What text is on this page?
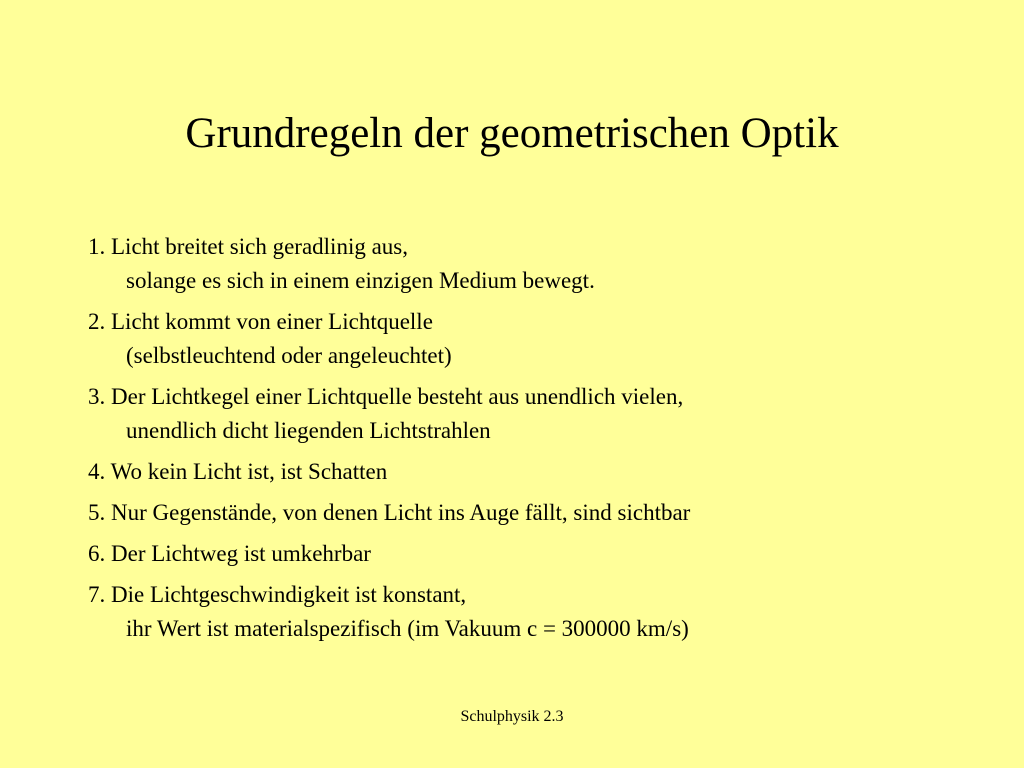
Grundregeln der geometrischen Optik
1. Licht breitet sich geradlinig aus,
solange es sich in einem einzigen Medium bewegt.
2. Licht kommt von einer Lichtquelle
(selbstleuchtend oder angeleuchtet)
3. Der Lichtkegel einer Lichtquelle besteht aus unendlich vielen,
unendlich dicht liegenden Lichtstrahlen
4. Wo kein Licht ist, ist Schatten
5. Nur Gegenstände, von denen Licht ins Auge fällt, sind sichtbar
6. Der Lichtweg ist umkehrbar
7. Die Lichtgeschwindigkeit ist konstant,
ihr Wert ist materialspezifisch (im Vakuum c = 300000 km/s)
Schulphysik 2.3
